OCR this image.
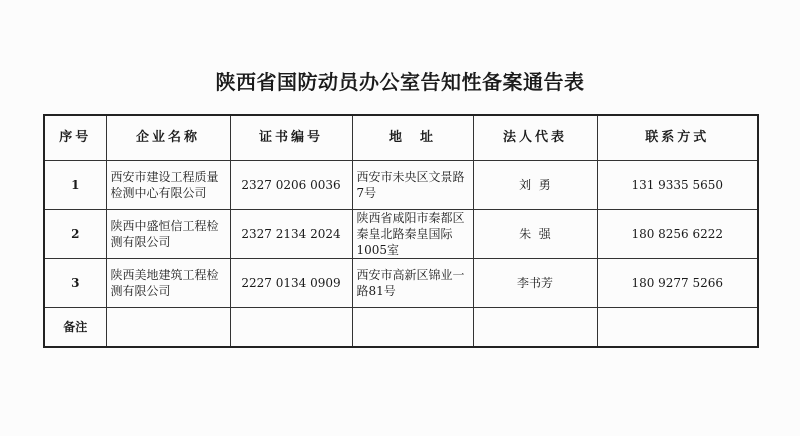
陕西省国防动员办公室告知性备案通告表
序号	企业名称	证书编号	地  址	法人代表	联系方式
1	西安市建设工程质量检测中心有限公司	2327 0206 0036	西安市未央区文景路7号	刘  勇	131 9335 5650
2	陕西中盛恒信工程检测有限公司	2327 2134 2024	陕西省咸阳市秦都区秦皇北路秦皇国际1005室	朱  强	180 8256 6222
3	陕西美地建筑工程检测有限公司	2227 0134 0909	西安市高新区锦业一路81号	李书芳	180 9277 5266
备注					
